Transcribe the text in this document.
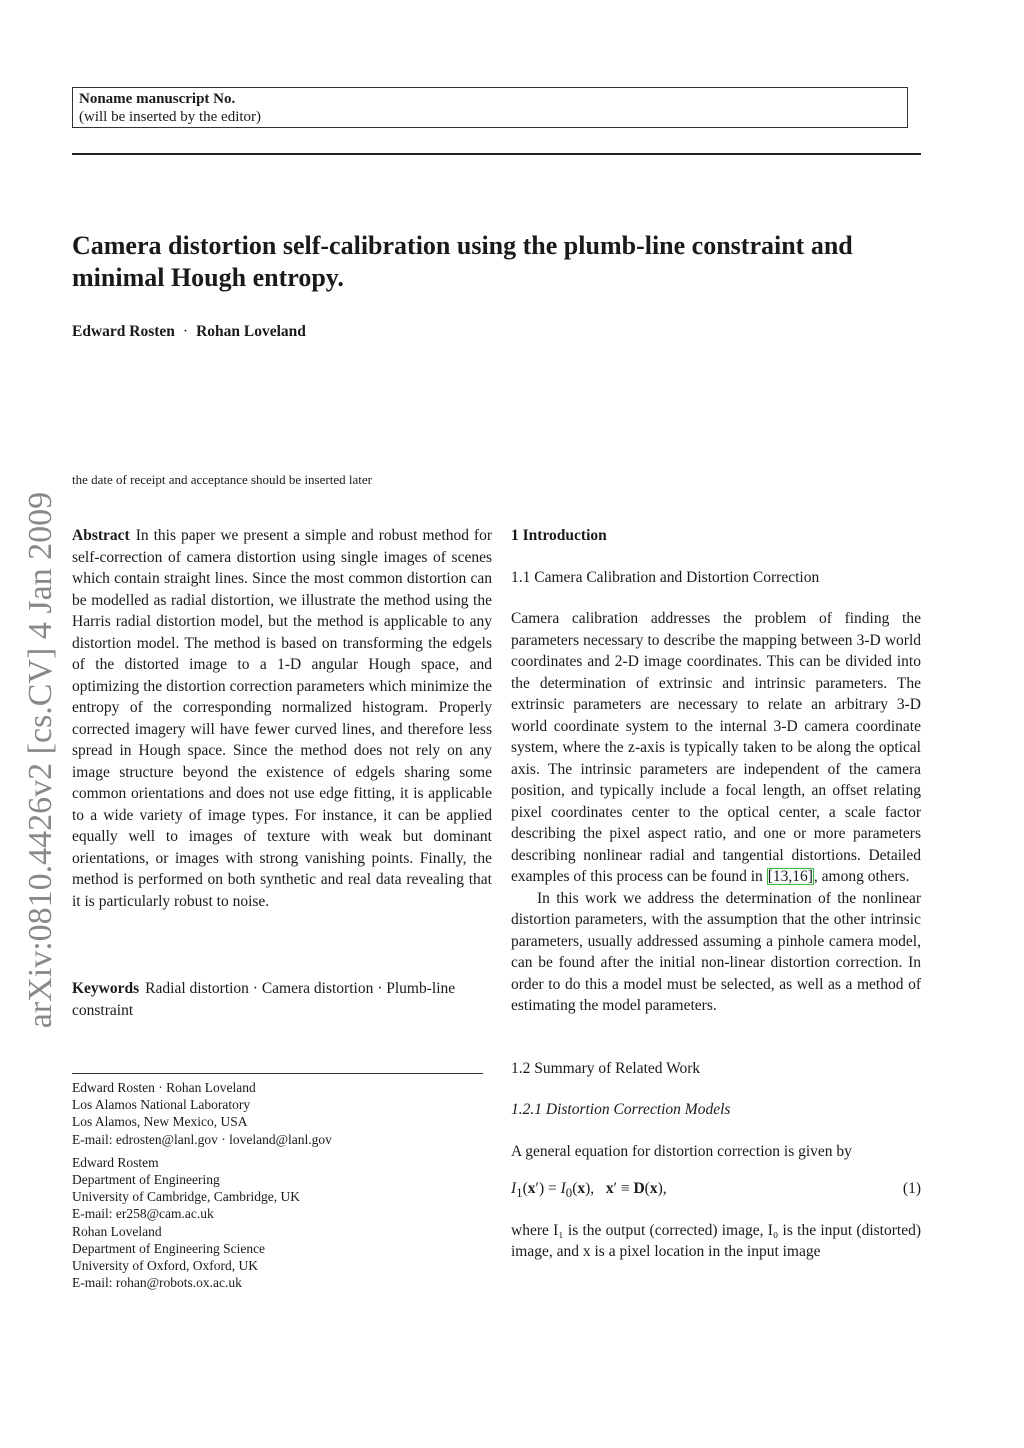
Noname manuscript No.
(will be inserted by the editor)
Camera distortion self-calibration using the plumb-line constraint and minimal Hough entropy.
Edward Rosten · Rohan Loveland
the date of receipt and acceptance should be inserted later
arXiv:0810.4426v2 [cs.CV] 4 Jan 2009 Abstract In this paper we present a simple and robust method for self-correction of camera distortion using single images of scenes which contain straight lines. Since the most common distortion can be modelled as radial distortion, we illustrate the method using the Harris radial distortion model, but the method is applicable to any distortion model. The method is based on transforming the edgels of the distorted image to a 1-D angular Hough space, and optimizing the distortion correction parameters which minimize the entropy of the corresponding normalized histogram. Properly corrected imagery will have fewer curved lines, and therefore less spread in Hough space. Since the method does not rely on any image structure beyond the existence of edgels sharing some common orientations and does not use edge fitting, it is applicable to a wide variety of image types. For instance, it can be applied equally well to images of texture with weak but dominant orientations, or images with strong vanishing points. Finally, the method is performed on both synthetic and real data revealing that it is particularly robust to noise.

Keywords Radial distortion · Camera distortion · Plumb-line constraint
Edward Rosten · Rohan Loveland
Los Alamos National Laboratory
Los Alamos, New Mexico, USA
E-mail: edrosten@lanl.gov · loveland@lanl.gov
Edward Rostem
Department of Engineering
University of Cambridge, Cambridge, UK
E-mail: er258@cam.ac.uk
Rohan Loveland
Department of Engineering Science
University of Oxford, Oxford, UK
E-mail: rohan@robots.ox.ac.uk

1 Introduction

1.1 Camera Calibration and Distortion Correction

Camera calibration addresses the problem of finding the parameters necessary to describe the mapping between 3-D world coordinates and 2-D image coordinates. This can be divided into the determination of extrinsic and intrinsic parameters. The extrinsic parameters are necessary to relate an arbitrary 3-D world coordinate system to the internal 3-D camera coordinate system, where the z-axis is typically taken to be along the optical axis. The intrinsic parameters are independent of the camera position, and typically include a focal length, an offset relating pixel coordinates center to the optical center, a scale factor describing the pixel aspect ratio, and one or more parameters describing nonlinear radial and tangential distortions. Detailed examples of this process can be found in [13,16], among others.

In this work we address the determination of the nonlinear distortion parameters, with the assumption that the other intrinsic parameters, usually addressed assuming a pinhole camera model, can be found after the initial non-linear distortion correction. In order to do this a model must be selected, as well as a method of estimating the model parameters.

1.2 Summary of Related Work

1.2.1 Distortion Correction Models

A general equation for distortion correction is given by

$I_1(x') = I_0(x)$,   x′ ≡ D(x),	(1)

where I₁ is the output (corrected) image, I₀ is the input (distorted) image, and x is a pixel location in the input image
